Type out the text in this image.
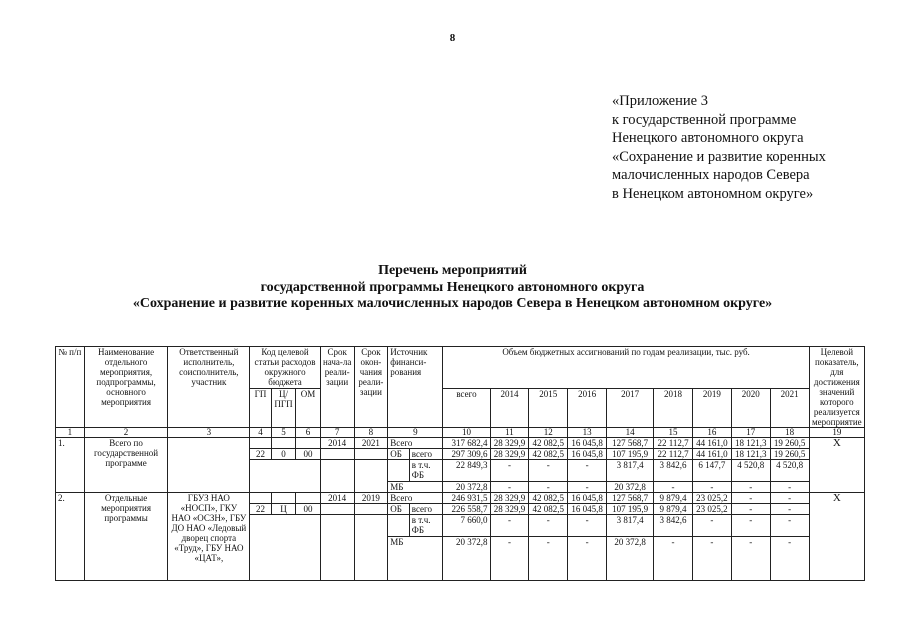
8
«Приложение 3
к государственной программе
Ненецкого автономного округа
«Сохранение и развитие коренных
малочисленных народов Севера
в Ненецком автономном округе»
Перечень мероприятий
государственной программы Ненецкого автономного округа
«Сохранение и развитие коренных малочисленных народов Севера в Ненецком автономном округе»
№ п/п	Наименование отдельного мероприятия, подпрограммы, основного мероприятия	Ответственный исполнитель, соисполнитель, участник	Код целевой статьи расходов окружного бюджета			Срок нача-ла реали-зации	Срок окон-чания реали-зации	Источник финанси-рования		Объем бюджетных ассигнований по годам реализации, тыс. руб.									Целевой показатель, для достижения значений которого реализуется мероприятие
			ГП	Ц/ПГП	ОМ					всего	2014	2015	2016	2017	2018	2019	2020	2021	
1	2	3	4	5	6	7	8	9		10	11	12	13	14	15	16	17	18	19
1.	Всего по государственной программе					2014	2021	Всего		317 682,4	28 329,9	42 082,5	16 045,8	127 568,7	22 112,7	44 161,0	18 121,3	19 260,5	Х
			22	0	00			ОБ	всего	297 309,6	28 329,9	42 082,5	16 045,8	107 195,9	22 112,7	44 161,0	18 121,3	19 260,5	
									в т.ч. ФБ	22 849,3	-	-	-	3 817,4	3 842,6	6 147,7	4 520,8	4 520,8	
								МБ		20 372,8	-	-	-	20 372,8	-	-	-	-	
2.	Отдельные мероприятия программы	ГБУЗ НАО «НОСП», ГКУ НАО «ОСЗН», ГБУ ДО НАО «Ледовый дворец спорта «Труд», ГБУ НАО «ЦАТ»,				2014	2019	Всего		246 931,5	28 329,9	42 082,5	16 045,8	127 568,7	9 879,4	23 025,2	-	-	Х
			22	Ц	00			ОБ	всего	226 558,7	28 329,9	42 082,5	16 045,8	107 195,9	9 879,4	23 025,2	-	-	
									в т.ч. ФБ	7 660,0	-	-	-	3 817,4	3 842,6	-	-	-	
								МБ		20 372,8	-	-	-	20 372,8	-	-	-	-	
